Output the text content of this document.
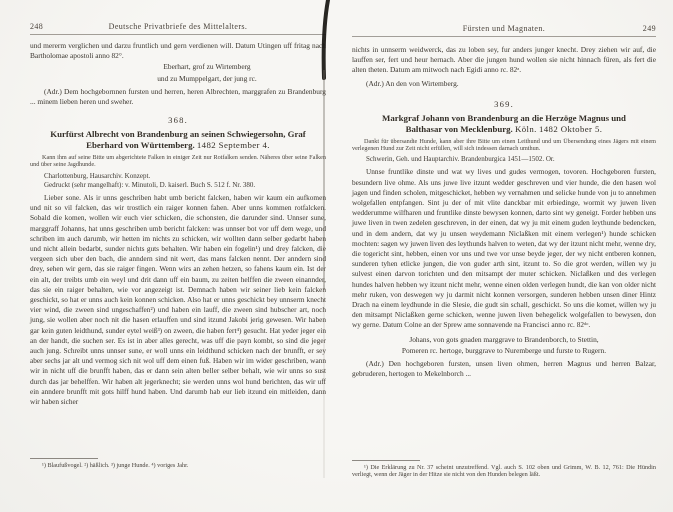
248	Deutsche Privatbriefe des Mittelalters.
und mererm verglichen und darzu fruntlich und gern verdienen will. Datum Utingen uff fritag nach Bartholomae apostoli anno 82°.
Eberhart, grof zu Wirtemberg
und zu Mumppelgart, der jung rc.
(Adr.) Dem hochgebornnen fursten und herren, heren Albrechten, marggrafen zu Brandenburg ... minem lieben heren und sweher.
368.
Kurfürst Albrecht von Brandenburg an seinen Schwiegersohn, Graf
Eberhard von Württemberg. 1482 September 4.
Kann ihm auf seine Bitte um abgerichtete Falken in einiger Zeit nur Rotfalken senden. Näheres über seine Falken und über seine Jagdhunde.
Charlottenburg, Hausarchiv. Konzept.
Gedruckt (sehr mangelhaft): v. Minutoli, D. kaiserl. Buch S. 512 f. Nr. 380.
Lieber sone. Als ir unns geschriben habt umb bericht falcken, haben wir kaum ein aufkomen und nit so vil falcken, das wir trostlich ein raiger konnen fahen. Aber unns kommen rotfalcken. Sobald die komen, wollen wir euch vier schicken, die schonsten, die darunder sind. Unnser sune, marggraff Johanns, hat unns geschriben umb bericht falcken: was unnser bot vor uff dem wege, und schriben im auch darumb, wir hetten im nichts zu schicken, wir wollten dann selber gedarbt haben und nicht allein bedarbt, sunder nichts guts behalten. Wir haben ein fogelin¹) und drey falcken, die vergeen sich uber den bach, die anndern sind nit wert, das mans falcken nennt. Der anndern sind drey, sehen wir gern, das sie raiger fingen. Wenn wirs an zehen hetzen, so fahens kaum ein. Ist der ein alt, der treibts umb ein weyl und drit dann uff ein baum, zu zeiten helffen die zween einannder, das sie ein raiger behalten, wie vor angezeigt ist. Demnach haben wir seiner lieb kein falcken geschickt, so hat er unns auch kein konnen schicken. Also hat er unns geschickt bey unnserm knecht vier wind, die zween sind ungeschaffen²) und haben ein lauff, die zween sind hubscher art, noch jung, sie wollen aber noch nit die hasen erlauffen und sind itzund Jakobi jerig gewesen. Wir haben gar kein guten leidthund, sunder eytel weiß³) on zween, die haben fert⁴) gesucht. Hat yeder jeger ein an der handt, die suchen ser. Es ist in aber alles gerecht, was uff die payn kombt, so sind die jeger auch jung. Schreibt unns unnser sune, er woll unns ein leidthund schicken nach der brunfft, er sey aber sechs jar alt und vermog sich nit wol uff dem einen fuß. Haben wir im wider geschriben, wann wir in nicht uff die brunfft haben, das er dann sein alten beller selber behalt, wie wir unns so sust durch das jar behelffen. Wir haben alt jegerknecht; sie werden unns wol hund berichten, das wir uff ein anndere brunfft mit gots hilff hund haben. Und darumb hab eur lieb itzund ein mitleiden, dann wir haben sicher
¹) Blaufußvogel. ²) häßlich. ³) junge Hunde. ⁴) voriges Jahr.
Fürsten und Magnaten.	249
nichts in unnserm weidwerck, das zu loben sey, fur anders junger knecht. Drey ziehen wir auf, die lauffen ser, fert und heur hernach. Aber die jungen hund wollen sie nicht hinnach füren, als fert die alten theten. Datum am mitwoch nach Egidi anno rc. 82ᵃ.
(Adr.) An den von Wirtemberg.
369.
Markgraf Johann von Brandenburg an die Herzöge Magnus und
Balthasar von Mecklenburg. Köln. 1482 Oktober 5.
Dankt für übersandte Hunde, kann aber ihre Bitte um einen Leithund und um Übersendung eines Jägers mit einem verlegenen Hund zur Zeit nicht erfüllen, will sich indessen darnach umthun.
Schwerin, Geh. und Hauptarchiv. Brandenburgica 1451—1502. Or.
Unnse fruntlike dinste und wat wy lives und gudes vermogen, tovoren. Hochgeboren fursten, besundern live ohme. Als uns juwe live itzunt wedder geschreven und vier hunde, die den hasen wol jagen und finden scholen, mitgeschicket, hebben wy vernahmen und selicke hunde von ju to annehmen wolgefallen entpfangen. Sint ju der of mit vlite danckbar mit erbiedinge, wormit wy juwen liven wedderumme wilfharen und fruntlike dinste bewysen konnen, darto sint wy geneigt. Forder hebben uns juwe liven in twen zedelen geschreven, in der einen, dat wy ju mit einem guden leythunde bedencken, und in dem andern, dat wy ju unsen weydemann Niclaßken mit einem verlegen¹) hunde schicken mochten: sagen wy juwen liven des leythunds halven to weten, dat wy der itzunt nicht mehr, wenne dry, die togericht sint, hebben, einen vor uns und twe vor unse beyde jeger, der wy nicht entberen konnen, sunderen tyhen etlicke jungen, die von guder arth sint, itzunt to. So die grot werden, willen wy ju sulvest einen darvon torichten und den mitsampt der muter schicken. Niclaßken und des verlegen hundes halven hebben wy itzunt nicht mehr, wenne einen olden verlegen hundt, die kan von older nicht mehr ruken, von deswegen wy ju darmit nicht konnen versorgen, sunderen hebben unsen diner Hintz Drach na einem leydhunde in die Slesie, die gudt sin schall, geschickt. So uns die komet, willen wy ju den mitsampt Niclaßken gerne schicken, wenne juwen liven behegelick wolgefallen to bewysen, don wy gerne. Datum Colne an der Sprew ame sonnavende na Francisci anno rc. 82ᵈᵒ.
Johans, von gots gnaden marggrave to Brandenborch, to Stettin,
Pomeren rc. hertoge, burggrave to Nuremberge und furste to Rugern.
(Adr.) Den hochgeboren fursten, unsen liven ohmen, herren Magnus und herren Balzar, gebruderen, hertogen to Mekelnborch ...
¹) Die Erklärung zu Nr. 37 scheint unzutreffend. Vgl. auch S. 102 oben und Grimm, W. B. 12, 761: Die Hündin verliegt, wenn der Jäger in der Hitze sie nicht von den Hunden belegen läßt.
